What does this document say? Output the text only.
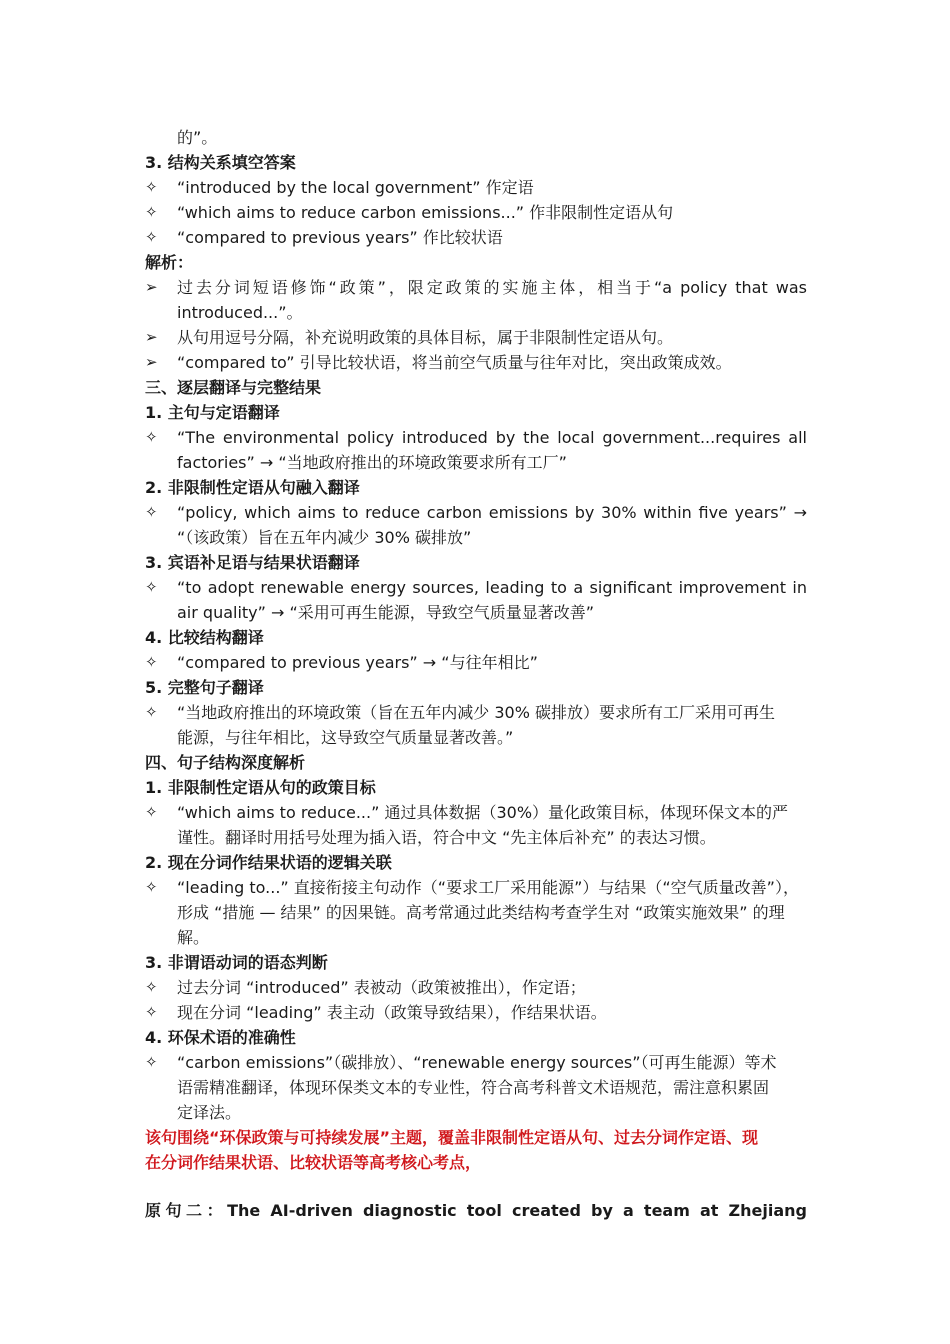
的”。
3. 结构关系填空答案
✧	“introduced by the local government” 作定语
✧	“which aims to reduce carbon emissions...” 作非限制性定语从句
✧	“compared to previous years” 作比较状语
解析：
➢	过去分词短语修饰“政策”，限定政策的实施主体，相当于“a policy that was
introduced...”。
➢	从句用逗号分隔，补充说明政策的具体目标，属于非限制性定语从句。
➢	“compared to” 引导比较状语，将当前空气质量与往年对比，突出政策成效。
三、逐层翻译与完整结果
1. 主句与定语翻译
✧	“The environmental policy introduced by the local government...requires all
factories” → “当地政府推出的环境政策要求所有工厂”
2. 非限制性定语从句融入翻译
✧	“policy, which aims to reduce carbon emissions by 30% within five years” →
“（该政策）旨在五年内减少 30% 碳排放”
3. 宾语补足语与结果状语翻译
✧	“to adopt renewable energy sources, leading to a significant improvement in
air quality” → “采用可再生能源，导致空气质量显著改善”
4. 比较结构翻译
✧	“compared to previous years” → “与往年相比”
5. 完整句子翻译
✧	“当地政府推出的环境政策（旨在五年内减少 30% 碳排放）要求所有工厂采用可再生
能源，与往年相比，这导致空气质量显著改善。”
四、句子结构深度解析
1. 非限制性定语从句的政策目标
✧	“which aims to reduce...” 通过具体数据（30%）量化政策目标，体现环保文本的严
谨性。翻译时用括号处理为插入语，符合中文 “先主体后补充” 的表达习惯。
2. 现在分词作结果状语的逻辑关联
✧	“leading to...” 直接衔接主句动作（“要求工厂采用能源”）与结果（“空气质量改善”），
形成 “措施 — 结果” 的因果链。高考常通过此类结构考查学生对 “政策实施效果” 的理
解。
3. 非谓语动词的语态判断
✧	过去分词 “introduced” 表被动（政策被推出），作定语；
✧	现在分词 “leading” 表主动（政策导致结果），作结果状语。
4. 环保术语的准确性
✧	“carbon emissions”（碳排放）、“renewable energy sources”（可再生能源）等术
语需精准翻译，体现环保类文本的专业性，符合高考科普文术语规范，需注意积累固
定译法。
该句围绕“环保政策与可持续发展”主题，覆盖非限制性定语从句、过去分词作定语、现
在分词作结果状语、比较状语等高考核心考点，
原句二：The AI-driven diagnostic tool created by a team at Zhejiang
